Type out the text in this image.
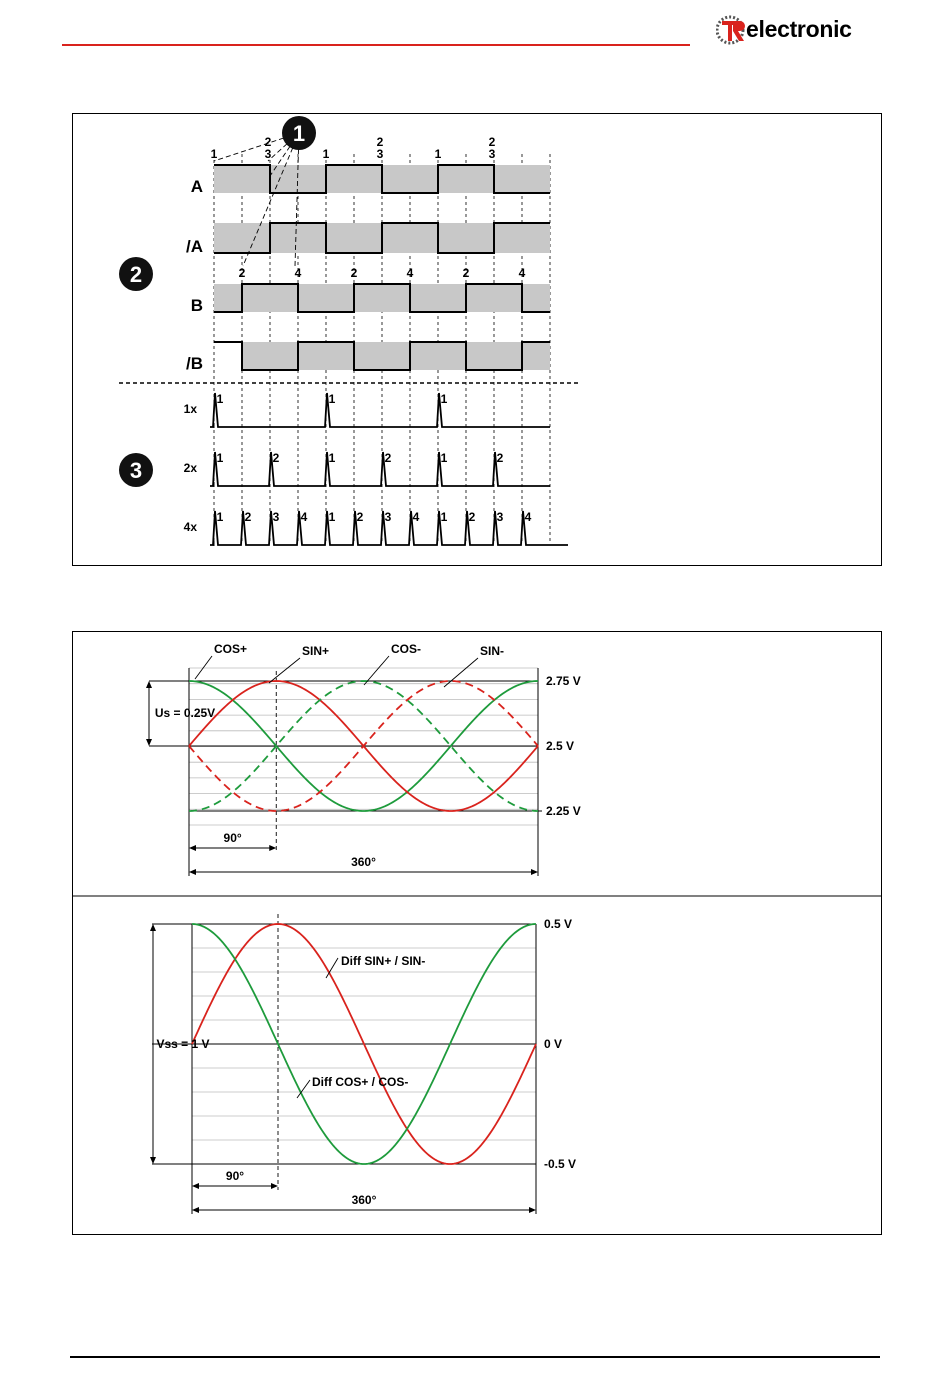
electronic
A
/A
B
/B
1
2
3
2	4
1
2
3
2	4
1
2
3
2	4
1
2
3
1x
1	1	1
2x
1	2	1	2	1	2
4x
1 2 3 4 1 2 3 4 1 2 3 4
2.75 V
2.5 V
2.25 V
COS+	SIN+	COS-	SIN-
Us = 0.25V
90°
360°
0.5 V
0 V
-0.5 V
Diff SIN+ / SIN-
Diff COS+ / COS-
Vss = 1 V
90°
360°
